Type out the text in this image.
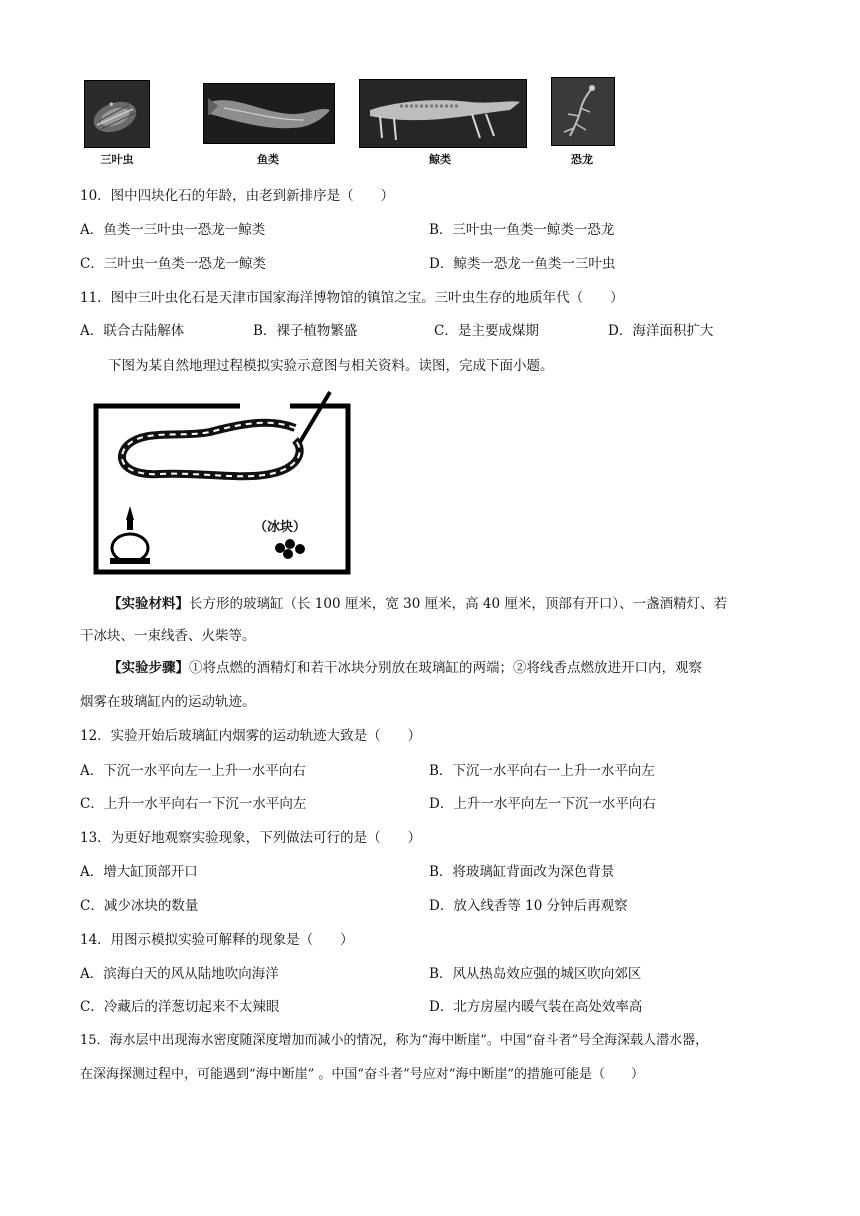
*
三叶虫	鱼类	鲸类	恐龙
10．图中四块化石的年龄，由老到新排序是（　　）
A．鱼类一三叶虫一恐龙一鲸类	B．三叶虫一鱼类一鲸类一恐龙
C．三叶虫一鱼类一恐龙一鲸类	D．鲸类一恐龙一鱼类一三叶虫
11．图中三叶虫化石是天津市国家海洋博物馆的镇馆之宝。三叶虫生存的地质年代（　　）
A．联合古陆解体	B．裸子植物繁盛	C．是主要成煤期	D．海洋面积扩大
下图为某自然地理过程模拟实验示意图与相关资料。读图，完成下面小题。
（冰块）
【实验材料】长方形的玻璃缸（长 100 厘米，宽 30 厘米，高 40 厘米，顶部有开口）、一盏酒精灯、若
干冰块、一束线香、火柴等。
【实验步骤】①将点燃的酒精灯和若干冰块分别放在玻璃缸的两端；②将线香点燃放进开口内，观察
烟雾在玻璃缸内的运动轨迹。
12．实验开始后玻璃缸内烟雾的运动轨迹大致是（　　）
A．下沉一水平向左一上升一水平向右	B．下沉一水平向右一上升一水平向左
C．上升一水平向右一下沉一水平向左	D．上升一水平向左一下沉一水平向右
13．为更好地观察实验现象，下列做法可行的是（　　）
A．增大缸顶部开口	B．将玻璃缸背面改为深色背景
C．减少冰块的数量	D．放入线香等 10 分钟后再观察
14．用图示模拟实验可解释的现象是（　　）
A．滨海白天的风从陆地吹向海洋	B．风从热岛效应强的城区吹向郊区
C．冷藏后的洋葱切起来不太辣眼	D．北方房屋内暖气装在高处效率高
15．海水层中出现海水密度随深度增加而减小的情况，称为“海中断崖”。中国“奋斗者”号全海深载人潜水器，
在深海探测过程中，可能遇到“海中断崖” 。中国“奋斗者”号应对“海中断崖”的措施可能是（　　）
